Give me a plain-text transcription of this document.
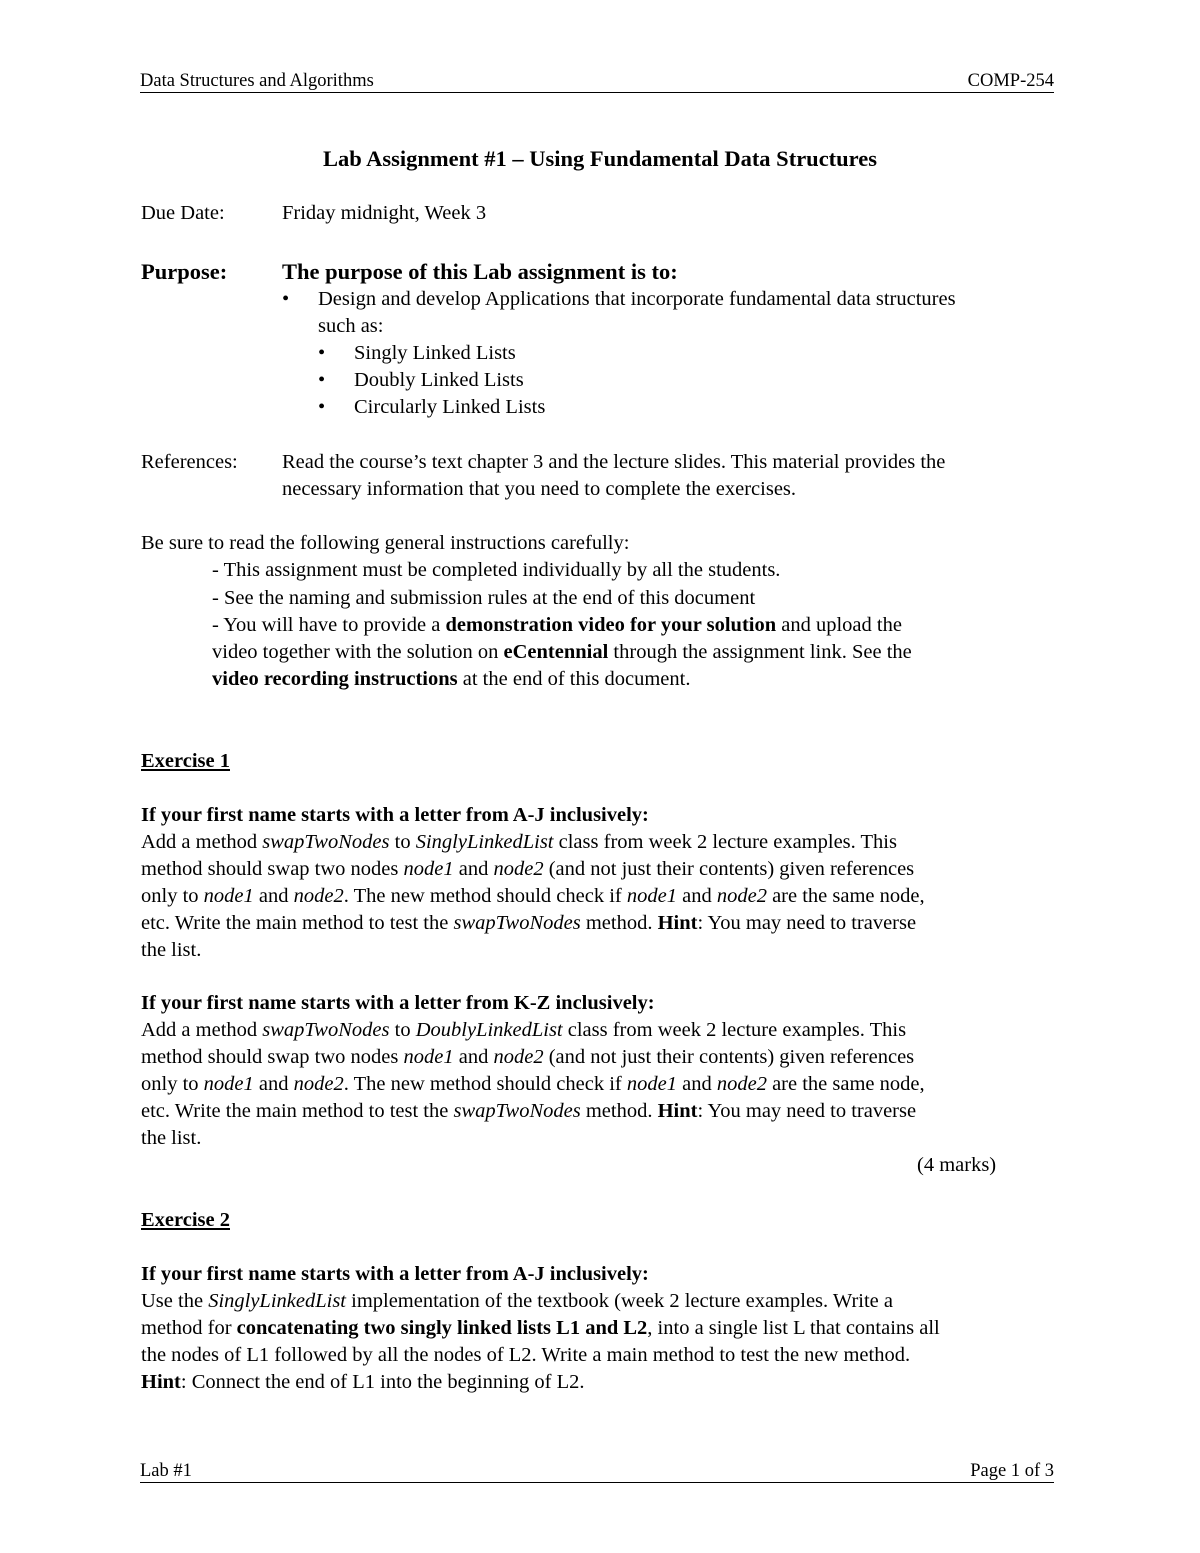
Data Structures and Algorithms	COMP-254
Lab Assignment #1 – Using Fundamental Data Structures
Due Date:	Friday midnight, Week 3
Purpose: The purpose of this Lab assignment is to:
• Design and develop Applications that incorporate fundamental data structures
such as:
• Singly Linked Lists
• Doubly Linked Lists
• Circularly Linked Lists
References: Read the course’s text chapter 3 and the lecture slides. This material provides the
necessary information that you need to complete the exercises.
Be sure to read the following general instructions carefully:
- This assignment must be completed individually by all the students.
- See the naming and submission rules at the end of this document
- You will have to provide a demonstration video for your solution and upload the
video together with the solution on eCentennial through the assignment link. See the
video recording instructions at the end of this document.
Exercise 1
If your first name starts with a letter from A-J inclusively:
Add a method swapTwoNodes to SinglyLinkedList class from week 2 lecture examples. This
method should swap two nodes node1 and node2 (and not just their contents) given references
only to node1 and node2. The new method should check if node1 and node2 are the same node,
etc. Write the main method to test the swapTwoNodes method. Hint: You may need to traverse
the list.
If your first name starts with a letter from K-Z inclusively:
Add a method swapTwoNodes to DoublyLinkedList class from week 2 lecture examples. This
method should swap two nodes node1 and node2 (and not just their contents) given references
only to node1 and node2. The new method should check if node1 and node2 are the same node,
etc. Write the main method to test the swapTwoNodes method. Hint: You may need to traverse
the list.
(4 marks)
Exercise 2
If your first name starts with a letter from A-J inclusively:
Use the SinglyLinkedList implementation of the textbook (week 2 lecture examples. Write a
method for concatenating two singly linked lists L1 and L2, into a single list L that contains all
the nodes of L1 followed by all the nodes of L2. Write a main method to test the new method.
Hint: Connect the end of L1 into the beginning of L2.
Lab #1	Page 1 of 3
